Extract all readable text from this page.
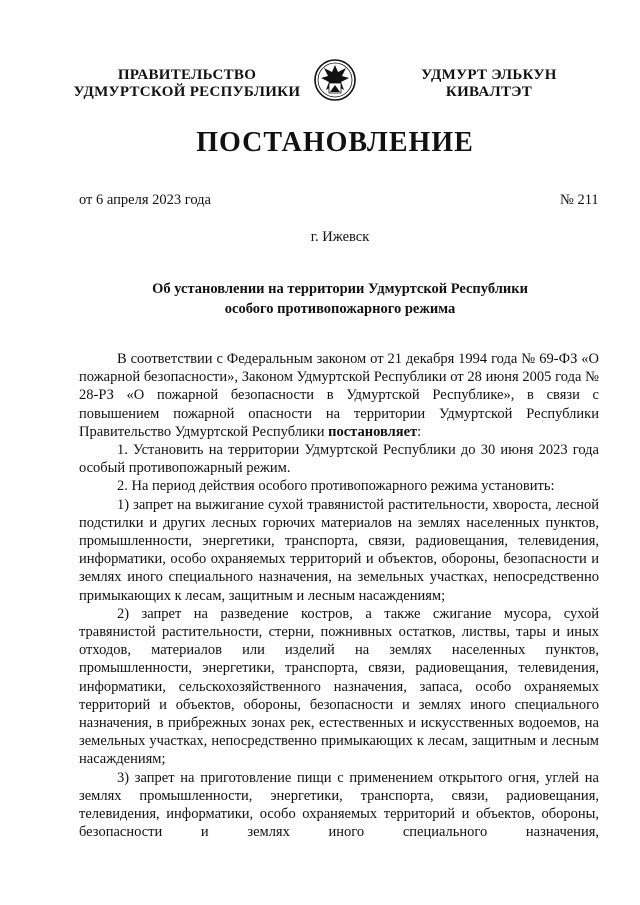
ПРАВИТЕЛЬСТВО
УДМУРТСКОЙ РЕСПУБЛИКИ
УДМУРТ ЭЛЬКУН
КИВАЛТЭТ
ПОСТАНОВЛЕНИЕ
от 6 апреля 2023 года	№ 211
г. Ижевск
Об установлении на территории Удмуртской Республики
особого противопожарного режима

В соответствии с Федеральным законом от 21 декабря 1994 года № 69-ФЗ «О пожарной безопасности», Законом Удмуртской Республики от 28 июня 2005 года № 28-РЗ «О пожарной безопасности в Удмуртской Республике», в связи с повышением пожарной опасности на территории Удмуртской Республики Правительство Удмуртской Республики постановляет:

1. Установить на территории Удмуртской Республики до 30 июня 2023 года особый противопожарный режим.

2. На период действия особого противопожарного режима установить:

1) запрет на выжигание сухой травянистой растительности, хвороста, лесной подстилки и других лесных горючих материалов на землях населенных пунктов, промышленности, энергетики, транспорта, связи, радиовещания, телевидения, информатики, особо охраняемых территорий и объектов, обороны, безопасности и землях иного специального назначения, на земельных участках, непосредственно примыкающих к лесам, защитным и лесным насаждениям;

2) запрет на разведение костров, а также сжигание мусора, сухой травянистой растительности, стерни, пожнивных остатков, листвы, тары и иных отходов, материалов или изделий на землях населенных пунктов, промышленности, энергетики, транспорта, связи, радиовещания, телевидения, информатики, сельскохозяйственного назначения, запаса, особо охраняемых территорий и объектов, обороны, безопасности и землях иного специального назначения, в прибрежных зонах рек, естественных и искусственных водоемов, на земельных участках, непосредственно примыкающих к лесам, защитным и лесным насаждениям;

3) запрет на приготовление пищи с применением открытого огня, углей на землях промышленности, энергетики, транспорта, связи, радиовещания, телевидения, информатики, особо охраняемых территорий и объектов, обороны, безопасности и землях иного специального назначения,
